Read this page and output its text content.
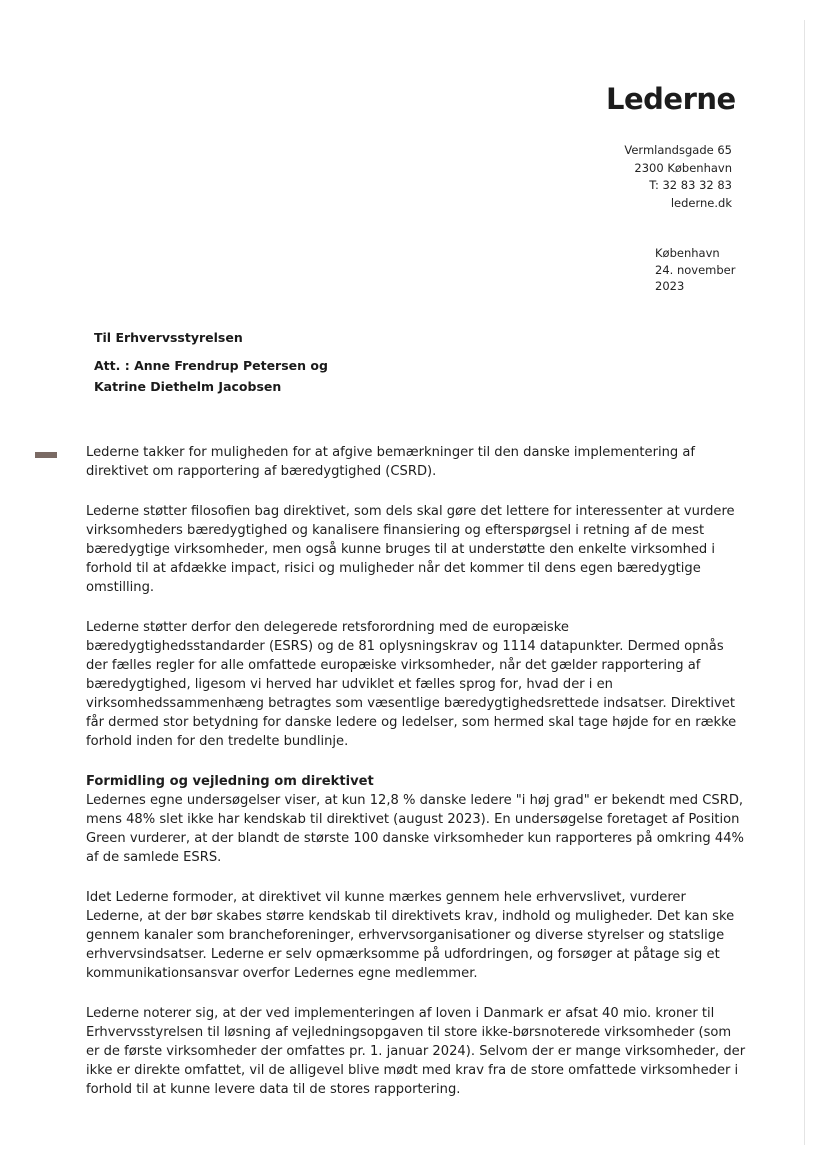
Lederne
Vermlandsgade 65
2300 København
T: 32 83 32 83
lederne.dk
København
24. november
2023
Til Erhvervsstyrelsen
Att. : Anne Frendrup Petersen og
Katrine Diethelm Jacobsen

Lederne takker for muligheden for at afgive bemærkninger til den danske implementering af direktivet om rapportering af bæredygtighed (CSRD).

Lederne støtter filosofien bag direktivet, som dels skal gøre det lettere for interessenter at vurdere virksomheders bæredygtighed og kanalisere finansiering og efterspørgsel i retning af de mest bæredygtige virksomheder, men også kunne bruges til at understøtte den enkelte virksomhed i forhold til at afdække impact, risici og muligheder når det kommer til dens egen bæredygtige omstilling.

Lederne støtter derfor den delegerede retsforordning med de europæiske bæredygtighedsstandarder (ESRS) og de 81 oplysningskrav og 1114 datapunkter. Dermed opnås der fælles regler for alle omfattede europæiske virksomheder, når det gælder rapportering af bæredygtighed, ligesom vi herved har udviklet et fælles sprog for, hvad der i en virksomhedssammenhæng betragtes som væsentlige bæredygtighedsrettede indsatser. Direktivet får dermed stor betydning for danske ledere og ledelser, som hermed skal tage højde for en række forhold inden for den tredelte bundlinje.

Formidling og vejledning om direktivet

Ledernes egne undersøgelser viser, at kun 12,8 % danske ledere "i høj grad" er bekendt med CSRD, mens 48% slet ikke har kendskab til direktivet (august 2023). En undersøgelse foretaget af Position Green vurderer, at der blandt de største 100 danske virksomheder kun rapporteres på omkring 44% af de samlede ESRS.

Idet Lederne formoder, at direktivet vil kunne mærkes gennem hele erhvervslivet, vurderer Lederne, at der bør skabes større kendskab til direktivets krav, indhold og muligheder. Det kan ske gennem kanaler som brancheforeninger, erhvervsorganisationer og diverse styrelser og statslige erhvervsindsatser. Lederne er selv opmærksomme på udfordringen, og forsøger at påtage sig et kommunikationsansvar overfor Ledernes egne medlemmer.

Lederne noterer sig, at der ved implementeringen af loven i Danmark er afsat 40 mio. kroner til Erhvervsstyrelsen til løsning af vejledningsopgaven til store ikke-børsnoterede virksomheder (som er de første virksomheder der omfattes pr. 1. januar 2024). Selvom der er mange virksomheder, der ikke er direkte omfattet, vil de alligevel blive mødt med krav fra de store omfattede virksomheder i forhold til at kunne levere data til de stores rapportering.
